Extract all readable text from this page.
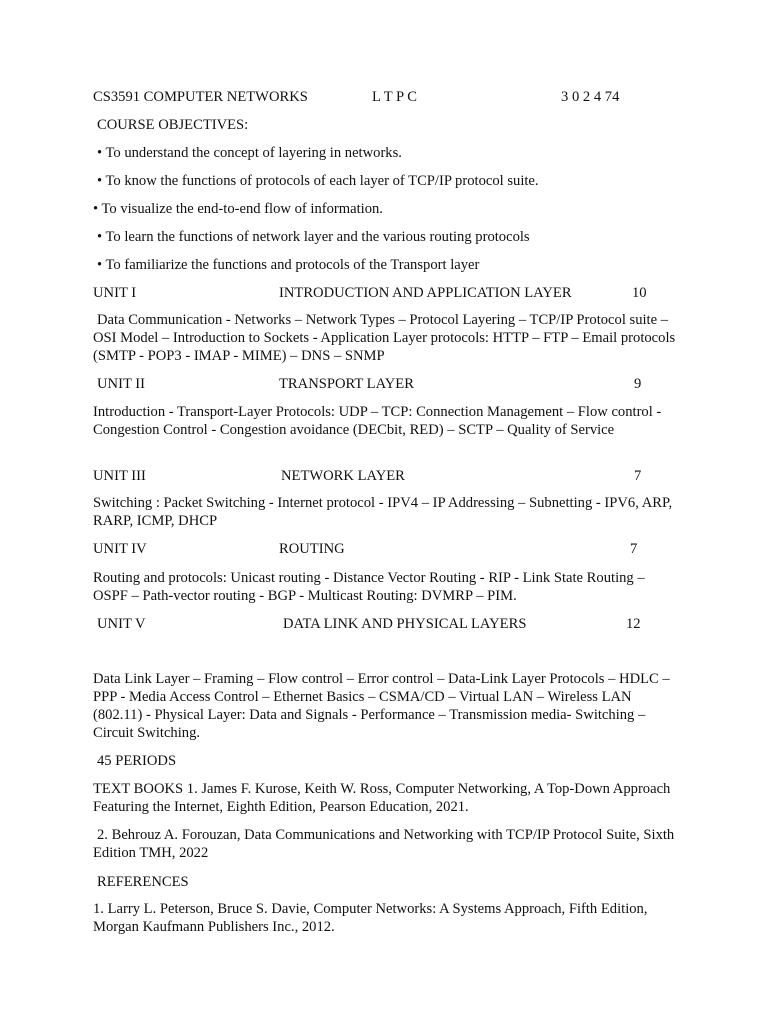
CS3591 COMPUTER NETWORKS	L T P C	3 0 2 4 74
COURSE OBJECTIVES:
• To understand the concept of layering in networks.
• To know the functions of protocols of each layer of TCP/IP protocol suite.
• To visualize the end-to-end flow of information.
• To learn the functions of network layer and the various routing protocols
• To familiarize the functions and protocols of the Transport layer
UNIT I	INTRODUCTION AND APPLICATION LAYER	10
Data Communication - Networks – Network Types – Protocol Layering – TCP/IP Protocol suite – OSI Model – Introduction to Sockets - Application Layer protocols: HTTP – FTP – Email protocols (SMTP - POP3 - IMAP - MIME) – DNS – SNMP
UNIT II	TRANSPORT LAYER	9
Introduction - Transport-Layer Protocols: UDP – TCP: Connection Management – Flow control - Congestion Control - Congestion avoidance (DECbit, RED) – SCTP – Quality of Service
UNIT III	NETWORK LAYER	7
Switching : Packet Switching - Internet protocol - IPV4 – IP Addressing – Subnetting - IPV6, ARP, RARP, ICMP, DHCP
UNIT IV	ROUTING	7
Routing and protocols: Unicast routing - Distance Vector Routing - RIP - Link State Routing – OSPF – Path-vector routing - BGP - Multicast Routing: DVMRP – PIM.
UNIT V	DATA LINK AND PHYSICAL LAYERS	12
Data Link Layer – Framing – Flow control – Error control – Data-Link Layer Protocols – HDLC – PPP - Media Access Control – Ethernet Basics – CSMA/CD – Virtual LAN – Wireless LAN (802.11) - Physical Layer: Data and Signals - Performance – Transmission media- Switching – Circuit Switching.
45 PERIODS
TEXT BOOKS 1. James F. Kurose, Keith W. Ross, Computer Networking, A Top-Down Approach Featuring the Internet, Eighth Edition, Pearson Education, 2021.
2. Behrouz A. Forouzan, Data Communications and Networking with TCP/IP Protocol Suite, Sixth Edition TMH, 2022
REFERENCES
1. Larry L. Peterson, Bruce S. Davie, Computer Networks: A Systems Approach, Fifth Edition, Morgan Kaufmann Publishers Inc., 2012.
